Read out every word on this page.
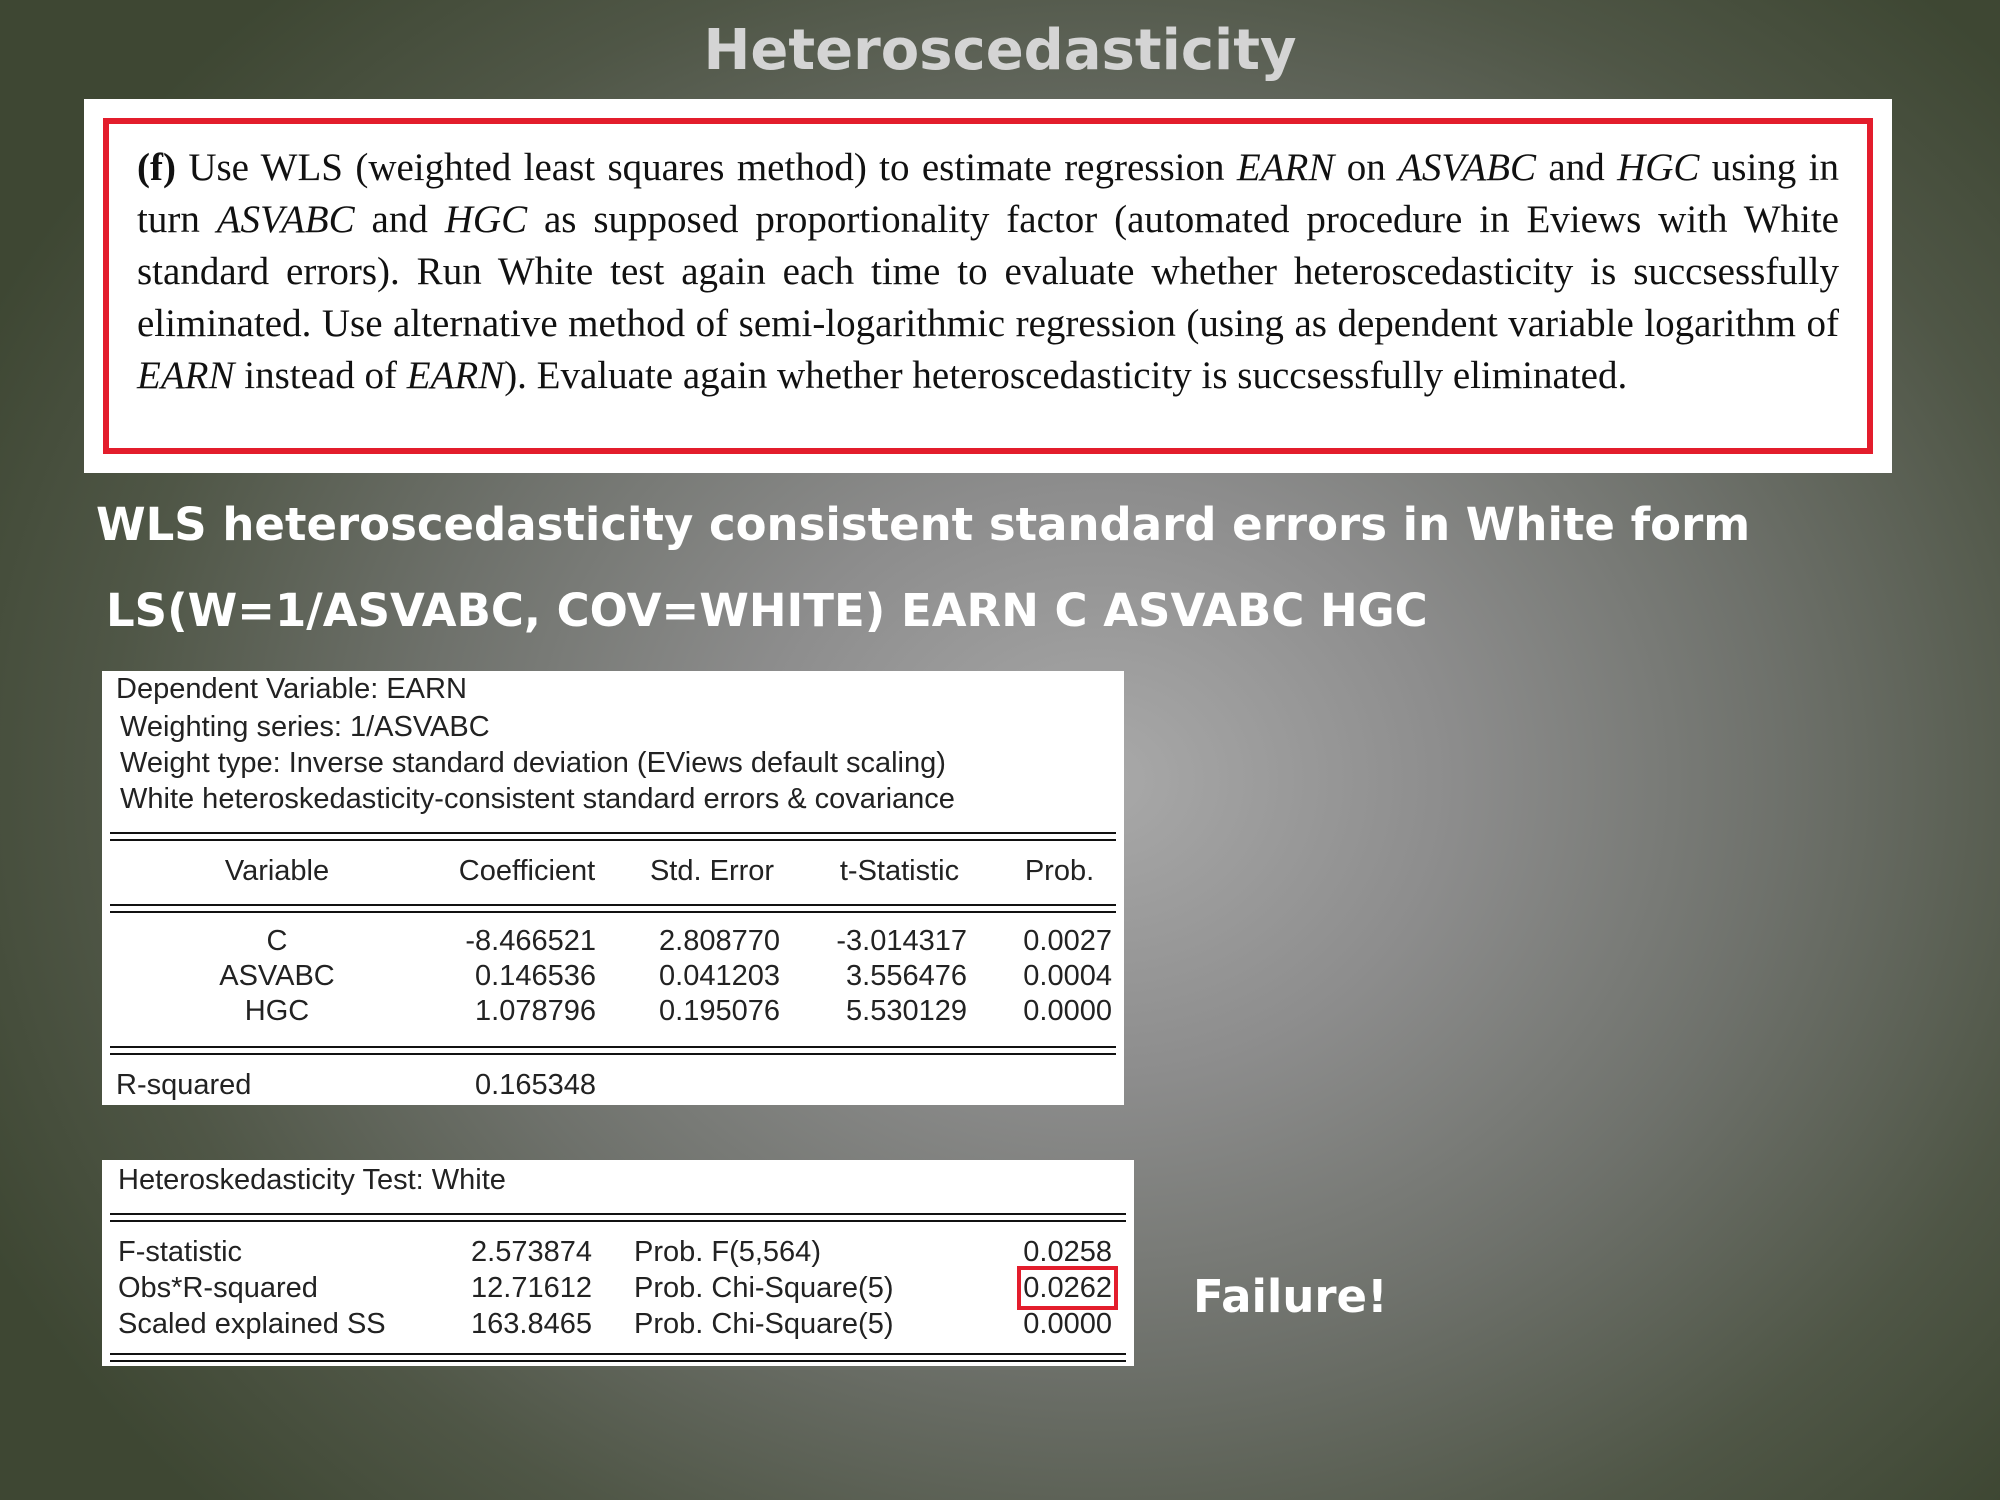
Heteroscedasticity

(f) Use WLS (weighted least squares method) to estimate regression EARN on ASVABC and HGC using in turn ASVABC and HGC as supposed proportionality factor (automated procedure in Eviews with White standard errors). Run White test again each time to evaluate whether heteroscedasticity is succsessfully eliminated. Use alternative method of semi-logarithmic regression (using as dependent variable logarithm of EARN instead of EARN). Evaluate again whether heteroscedasticity is succsessfully eliminated.

WLS heteroscedasticity consistent standard errors in White form
LS(W=1/ASVABC, COV=WHITE) EARN C ASVABC HGC
Dependent Variable: EARN
Weighting series: 1/ASVABC
Weight type: Inverse standard deviation (EViews default scaling)
White heteroskedasticity-consistent standard errors & covariance
Variable	Coefficient	Std. Error	t-Statistic	Prob.
C	-8.466521	2.808770	-3.014317	0.0027
ASVABC	0.146536	0.041203	3.556476	0.0004
HGC	1.078796	0.195076	5.530129	0.0000
R-squared	0.165348
Heteroskedasticity Test: White
F-statistic	2.573874 Prob. F(5,564)	0.0258
Obs*R-squared	12.71612 Prob. Chi-Square(5)	0.0262
Scaled explained SS	163.8465 Prob. Chi-Square(5)	0.0000

Failure!
